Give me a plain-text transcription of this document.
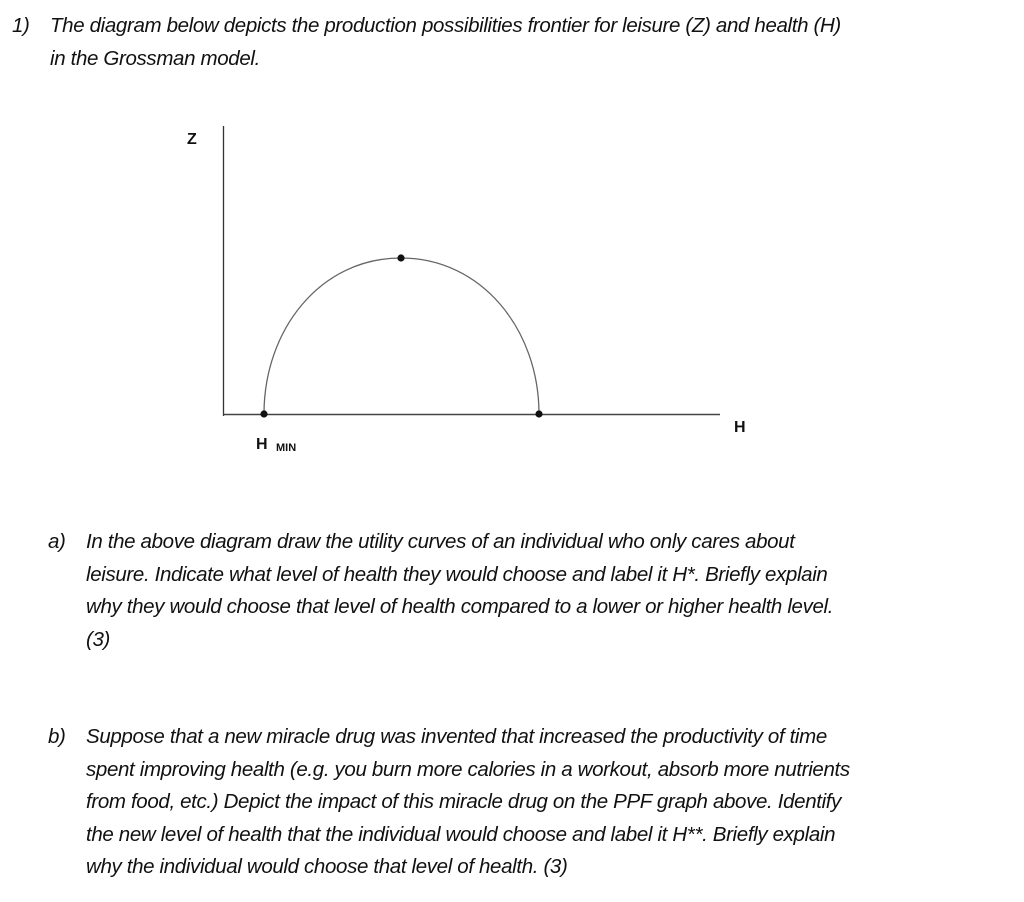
1) The diagram below depicts the production possibilities frontier for leisure (Z) and health (H)
in the Grossman model.
Z
H
H MIN
a) In the above diagram draw the utility curves of an individual who only cares about
leisure. Indicate what level of health they would choose and label it H*. Briefly explain
why they would choose that level of health compared to a lower or higher health level.
(3)
b) Suppose that a new miracle drug was invented that increased the productivity of time
spent improving health (e.g. you burn more calories in a workout, absorb more nutrients
from food, etc.) Depict the impact of this miracle drug on the PPF graph above. Identify
the new level of health that the individual would choose and label it H**. Briefly explain
why the individual would choose that level of health. (3)
